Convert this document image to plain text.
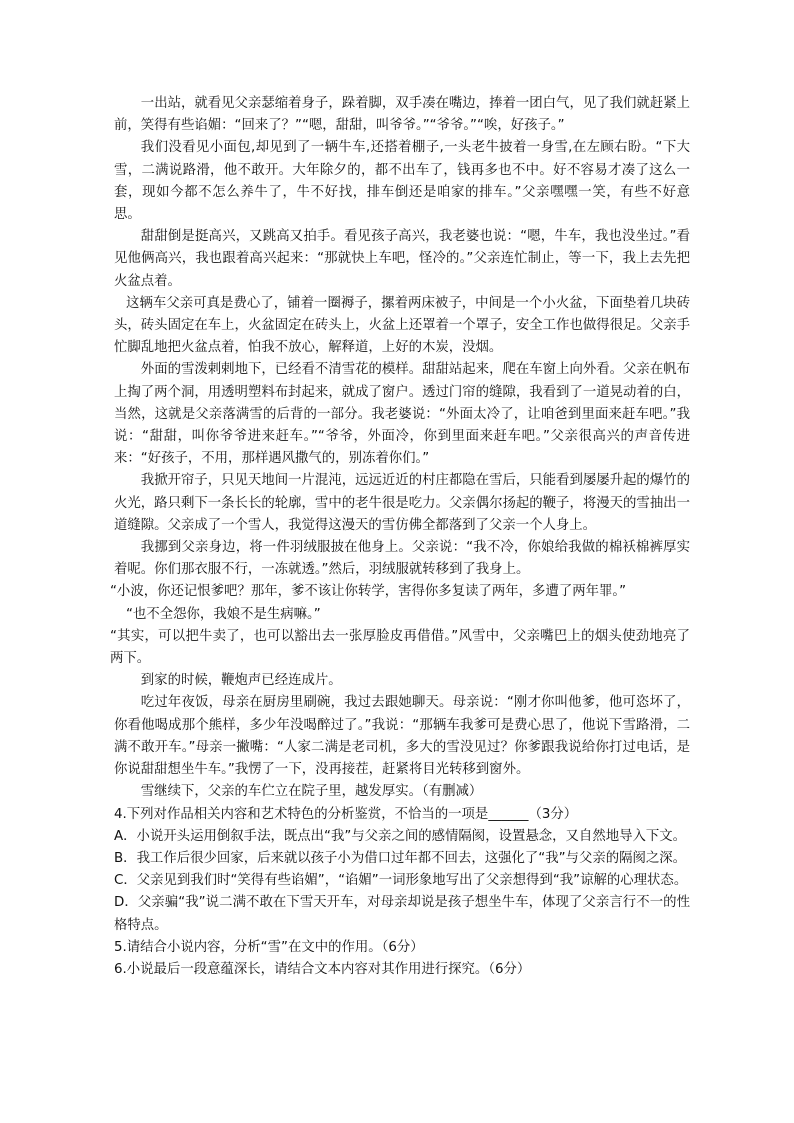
一出站，就看见父亲瑟缩着身子，跺着脚，双手凑在嘴边，捧着一团白气，见了我们就赶紧上前，笑得有些谄媚：“回来了？”“嗯，甜甜，叫爷爷。”“爷爷。”“唉，好孩子。”

我们没看见小面包,却见到了一辆牛车,还搭着棚子,一头老牛披着一身雪,在左顾右盼。“下大雪，二满说路滑，他不敢开。大年除夕的，都不出车了，钱再多也不中。好不容易才凑了这么一套，现如今都不怎么养牛了，牛不好找，排车倒还是咱家的排车。”父亲嘿嘿一笑，有些不好意思。

甜甜倒是挺高兴，又跳高又拍手。看见孩子高兴，我老婆也说：“嗯，牛车，我也没坐过。”看见他俩高兴，我也跟着高兴起来：“那就快上车吧，怪冷的。”父亲连忙制止，等一下，我上去先把火盆点着。

这辆车父亲可真是费心了，铺着一圈褥子，摞着两床被子，中间是一个小火盆，下面垫着几块砖头，砖头固定在车上，火盆固定在砖头上，火盆上还罩着一个罩子，安全工作也做得很足。父亲手忙脚乱地把火盆点着，怕我不放心，解释道，上好的木炭，没烟。

外面的雪泼剌剌地下，已经看不清雪花的模样。甜甜站起来，爬在车窗上向外看。父亲在帆布上掏了两个洞，用透明塑料布封起来，就成了窗户。透过门帘的缝隙，我看到了一道晃动着的白，当然，这就是父亲落满雪的后背的一部分。我老婆说：“外面太冷了，让咱爸到里面来赶车吧。”我说：“甜甜，叫你爷爷进来赶车。”“爷爷，外面冷，你到里面来赶车吧。”父亲很高兴的声音传进来：“好孩子，不用，那样遇风撒气的，别冻着你们。”

我掀开帘子，只见天地间一片混沌，远远近近的村庄都隐在雪后，只能看到屡屡升起的爆竹的火光，路只剩下一条长长的轮廓，雪中的老牛很是吃力。父亲偶尔扬起的鞭子，将漫天的雪抽出一道缝隙。父亲成了一个雪人，我觉得这漫天的雪仿佛全都落到了父亲一个人身上。

我挪到父亲身边，将一件羽绒服披在他身上。父亲说：“我不冷，你娘给我做的棉袄棉裤厚实着呢。你们那衣服不行，一冻就透。”然后，羽绒服就转移到了我身上。

“小波，你还记恨爹吧？那年，爹不该让你转学，害得你多复读了两年，多遭了两年罪。”

“也不全怨你，我娘不是生病嘛。”

“其实，可以把牛卖了，也可以豁出去一张厚脸皮再借借。”风雪中，父亲嘴巴上的烟头使劲地亮了两下。

到家的时候，鞭炮声已经连成片。

吃过年夜饭，母亲在厨房里刷碗，我过去跟她聊天。母亲说：“刚才你叫他爹，他可恣坏了，你看他喝成那个熊样，多少年没喝醉过了。”我说：“那辆车我爹可是费心思了，他说下雪路滑，二满不敢开车。”母亲一撇嘴：“人家二满是老司机，多大的雪没见过？你爹跟我说给你打过电话，是你说甜甜想坐牛车。”我愣了一下，没再接茬，赶紧将目光转移到窗外。

雪继续下，父亲的车伫立在院子里，越发厚实。（有删减）

4.下列对作品相关内容和艺术特色的分析鉴赏，不恰当的一项是______（3分）

A．小说开头运用倒叙手法，既点出“我”与父亲之间的感情隔阂，设置悬念，又自然地导入下文。

B．我工作后很少回家，后来就以孩子小为借口过年都不回去，这强化了“我”与父亲的隔阂之深。

C．父亲见到我们时“笑得有些谄媚”，“谄媚”一词形象地写出了父亲想得到“我”谅解的心理状态。

D．父亲骗“我”说二满不敢在下雪天开车，对母亲却说是孩子想坐牛车，体现了父亲言行不一的性格特点。

5.请结合小说内容，分析“雪”在文中的作用。（6分）

6.小说最后一段意蕴深长，请结合文本内容对其作用进行探究。（6分）
